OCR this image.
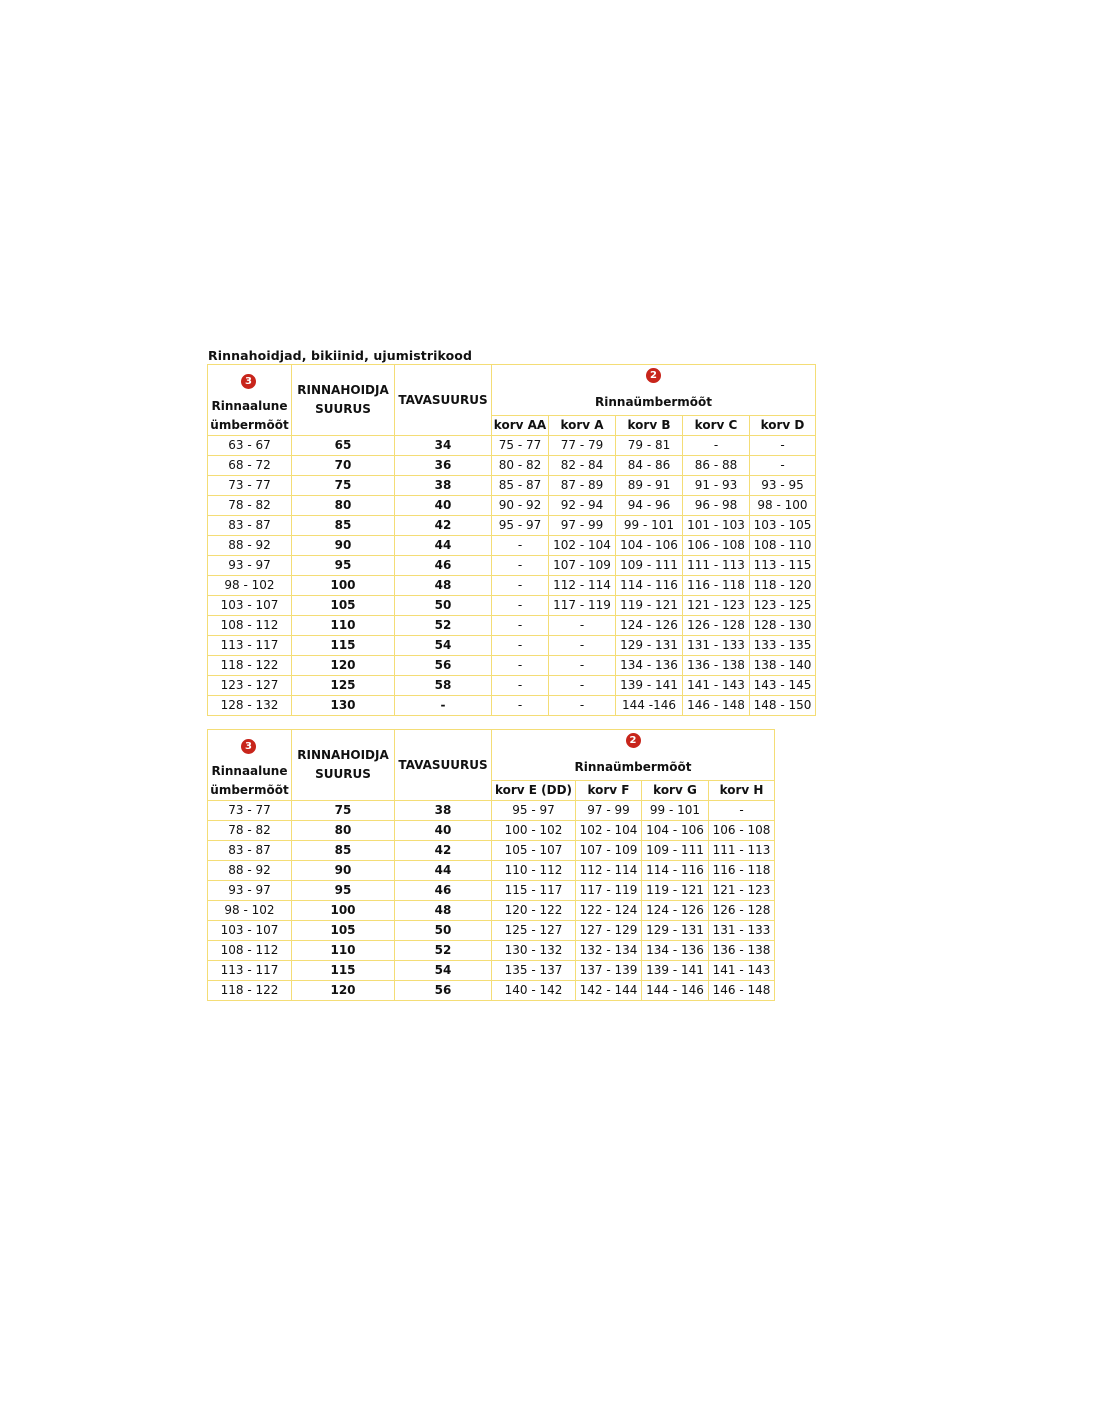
Rinnahoidjad, bikiinid, ujumistrikood
3
Rinnaalune
ümbermõõt	RINNAHOIDJA
SUURUS	TAVASUURUS	2
Rinnaümbermõõt				

			korv AA	korv A	korv B	korv C	korv D
63 - 67	65	34	75 - 77	77 - 79	79 - 81	-	-
68 - 72	70	36	80 - 82	82 - 84	84 - 86	86 - 88	-
73 - 77	75	38	85 - 87	87 - 89	89 - 91	91 - 93	93 - 95
78 - 82	80	40	90 - 92	92 - 94	94 - 96	96 - 98	98 - 100
83 - 87	85	42	95 - 97	97 - 99	99 - 101	101 - 103	103 - 105
88 - 92	90	44	-	102 - 104	104 - 106	106 - 108	108 - 110
93 - 97	95	46	-	107 - 109	109 - 111	111 - 113	113 - 115
98 - 102	100	48	-	112 - 114	114 - 116	116 - 118	118 - 120
103 - 107	105	50	-	117 - 119	119 - 121	121 - 123	123 - 125
108 - 112	110	52	-	-	124 - 126	126 - 128	128 - 130
113 - 117	115	54	-	-	129 - 131	131 - 133	133 - 135
118 - 122	120	56	-	-	134 - 136	136 - 138	138 - 140
123 - 127	125	58	-	-	139 - 141	141 - 143	143 - 145
128 - 132	130	-	-	-	144 -146	146 - 148	148 - 150
3
Rinnaalune
ümbermõõt	RINNAHOIDJA
SUURUS	TAVASUURUS	2
Rinnaümbermõõt			

			korv E (DD)	korv F	korv G	korv H
73 - 77	75	38	95 - 97	97 - 99	99 - 101	-
78 - 82	80	40	100 - 102	102 - 104	104 - 106	106 - 108
83 - 87	85	42	105 - 107	107 - 109	109 - 111	111 - 113
88 - 92	90	44	110 - 112	112 - 114	114 - 116	116 - 118
93 - 97	95	46	115 - 117	117 - 119	119 - 121	121 - 123
98 - 102	100	48	120 - 122	122 - 124	124 - 126	126 - 128
103 - 107	105	50	125 - 127	127 - 129	129 - 131	131 - 133
108 - 112	110	52	130 - 132	132 - 134	134 - 136	136 - 138
113 - 117	115	54	135 - 137	137 - 139	139 - 141	141 - 143
118 - 122	120	56	140 - 142	142 - 144	144 - 146	146 - 148
